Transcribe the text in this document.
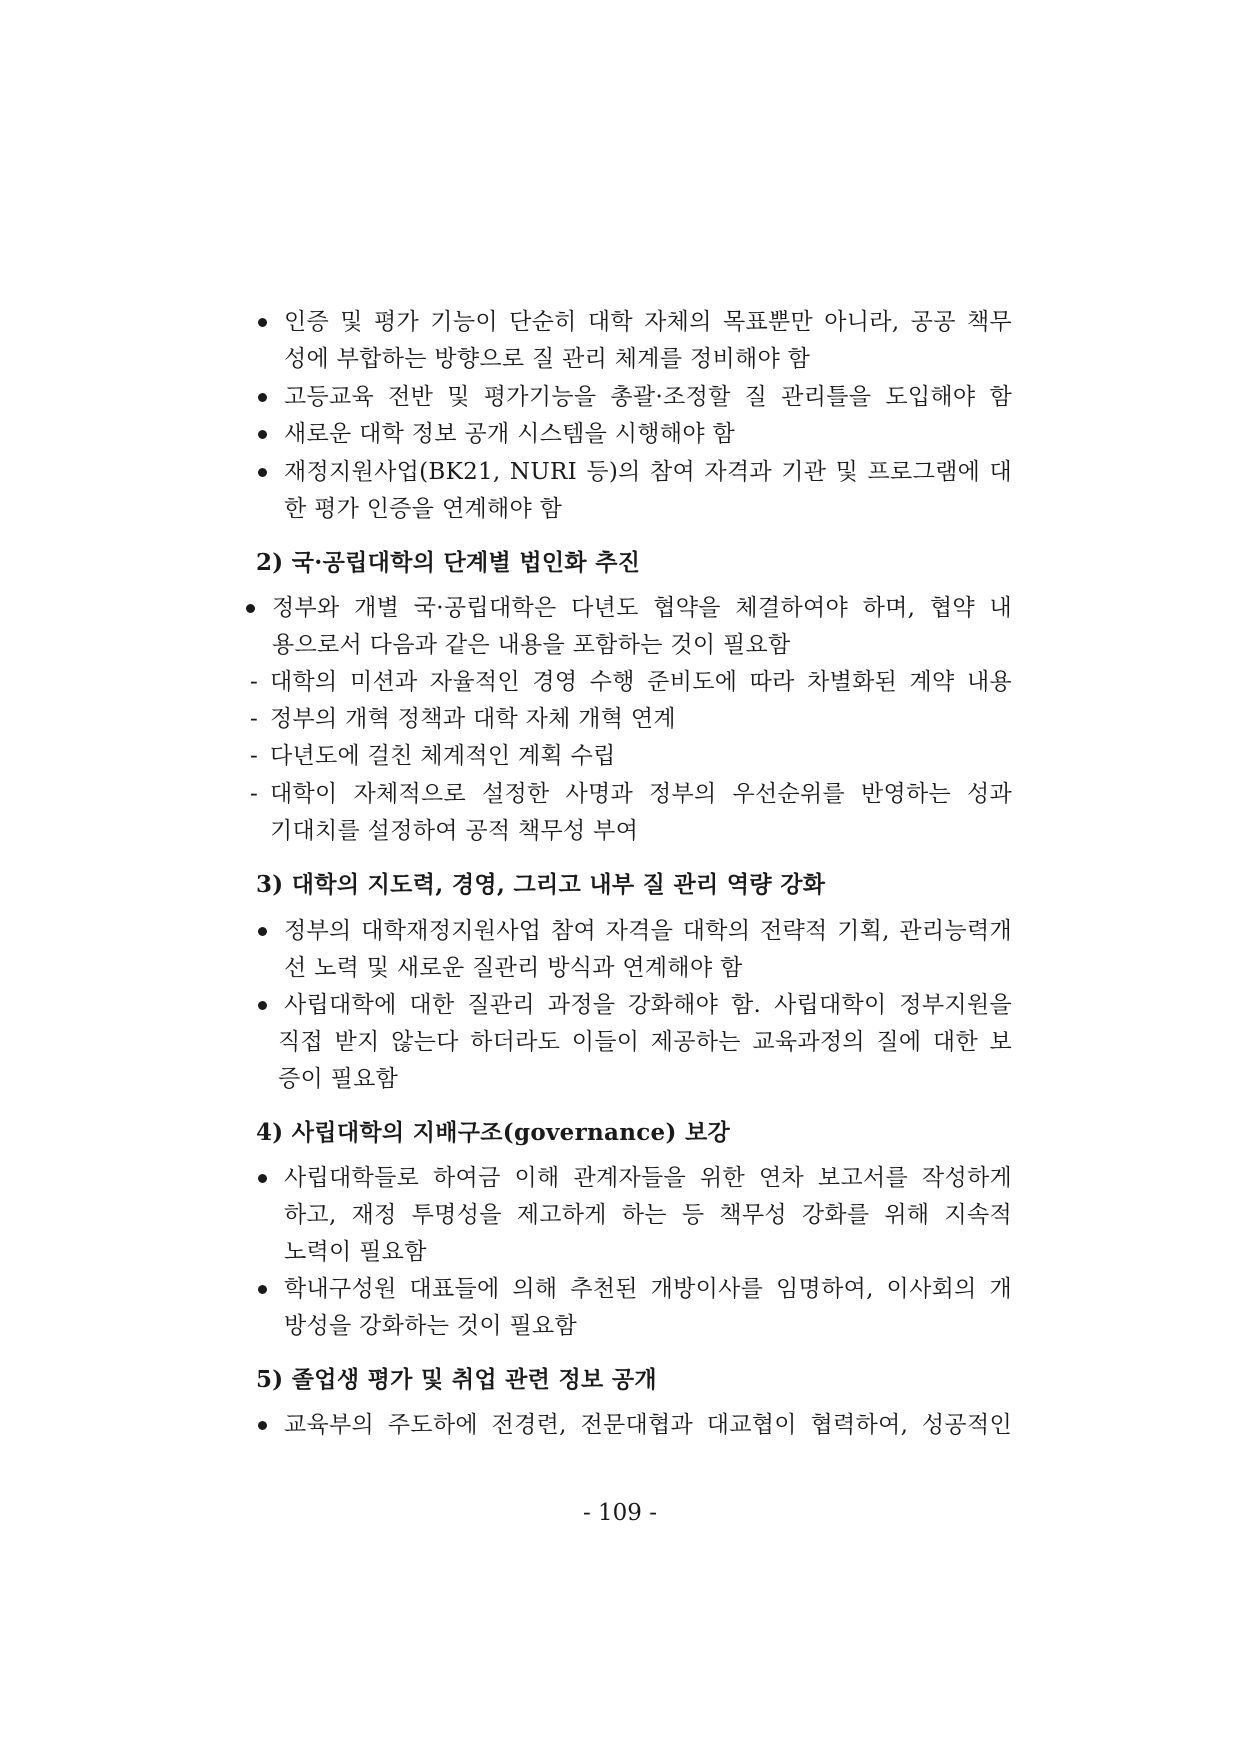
인증 및 평가 기능이 단순히 대학 자체의 목표뿐만 아니라, 공공 책무
성에 부합하는 방향으로 질 관리 체계를 정비해야 함
고등교육 전반 및 평가기능을 총괄·조정할 질 관리틀을 도입해야 함
새로운 대학 정보 공개 시스템을 시행해야 함
재정지원사업(BK21, NURI 등)의 참여 자격과 기관 및 프로그램에 대
한 평가 인증을 연계해야 함
2) 국·공립대학의 단계별 법인화 추진
정부와 개별 국·공립대학은 다년도 협약을 체결하여야 하며, 협약 내
용으로서 다음과 같은 내용을 포함하는 것이 필요함
- 대학의 미션과 자율적인 경영 수행 준비도에 따라 차별화된 계약 내용
- 정부의 개혁 정책과 대학 자체 개혁 연계
- 다년도에 걸친 체계적인 계획 수립
- 대학이 자체적으로 설정한 사명과 정부의 우선순위를 반영하는 성과
기대치를 설정하여 공적 책무성 부여
3) 대학의 지도력, 경영, 그리고 내부 질 관리 역량 강화
정부의 대학재정지원사업 참여 자격을 대학의 전략적 기획, 관리능력개
선 노력 및 새로운 질관리 방식과 연계해야 함
사립대학에 대한 질관리 과정을 강화해야 함. 사립대학이 정부지원을
직접 받지 않는다 하더라도 이들이 제공하는 교육과정의 질에 대한 보
증이 필요함
4) 사립대학의 지배구조(governance) 보강
사립대학들로 하여금 이해 관계자들을 위한 연차 보고서를 작성하게
하고, 재정 투명성을 제고하게 하는 등 책무성 강화를 위해 지속적
노력이 필요함
학내구성원 대표들에 의해 추천된 개방이사를 임명하여, 이사회의 개
방성을 강화하는 것이 필요함
5) 졸업생 평가 및 취업 관련 정보 공개
교육부의 주도하에 전경련, 전문대협과 대교협이 협력하여, 성공적인
- 109 -
